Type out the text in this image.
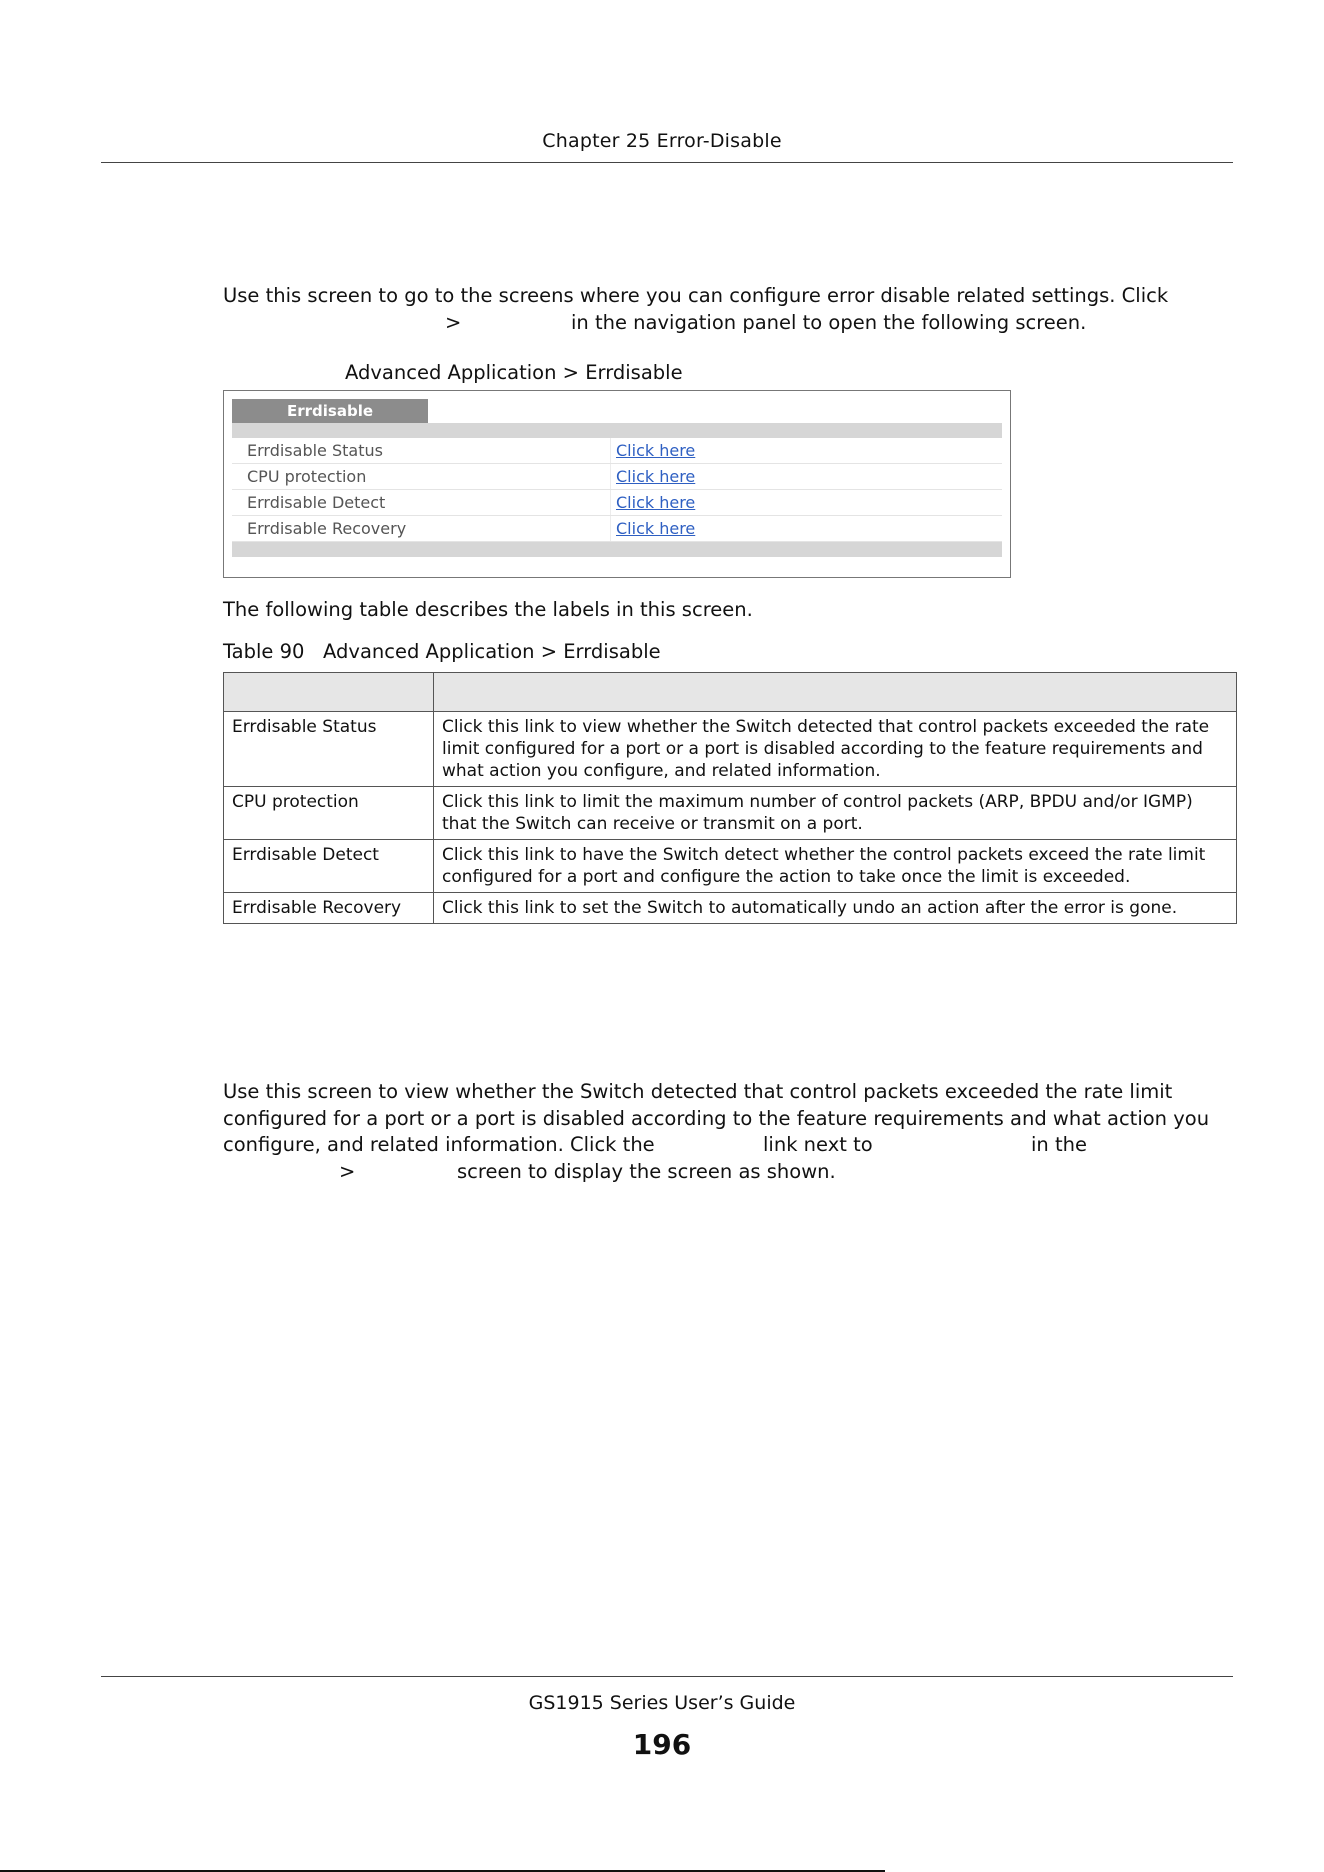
Chapter 25 Error-Disable
Use this screen to go to the screens where you can configure error disable related settings. Click
>	in the navigation panel to open the following screen.
Advanced Application > Errdisable
Errdisable
Errdisable Status	Click here
CPU protection	Click here
Errdisable Detect	Click here
Errdisable Recovery	Click here
The following table describes the labels in this screen.
Table 90   Advanced Application > Errdisable

Errdisable Status	Click this link to view whether the Switch detected that control packets exceeded the rate limit configured for a port or a port is disabled according to the feature requirements and what action you configure, and related information.
CPU protection	Click this link to limit the maximum number of control packets (ARP, BPDU and/or IGMP) that the Switch can receive or transmit on a port.
Errdisable Detect	Click this link to have the Switch detect whether the control packets exceed the rate limit configured for a port and configure the action to take once the limit is exceeded.
Errdisable Recovery	Click this link to set the Switch to automatically undo an action after the error is gone.
Use this screen to view whether the Switch detected that control packets exceeded the rate limit
configured for a port or a port is disabled according to the feature requirements and what action you
configure, and related information. Click the	link next to	in the
>	screen to display the screen as shown.
GS1915 Series User’s Guide
196
